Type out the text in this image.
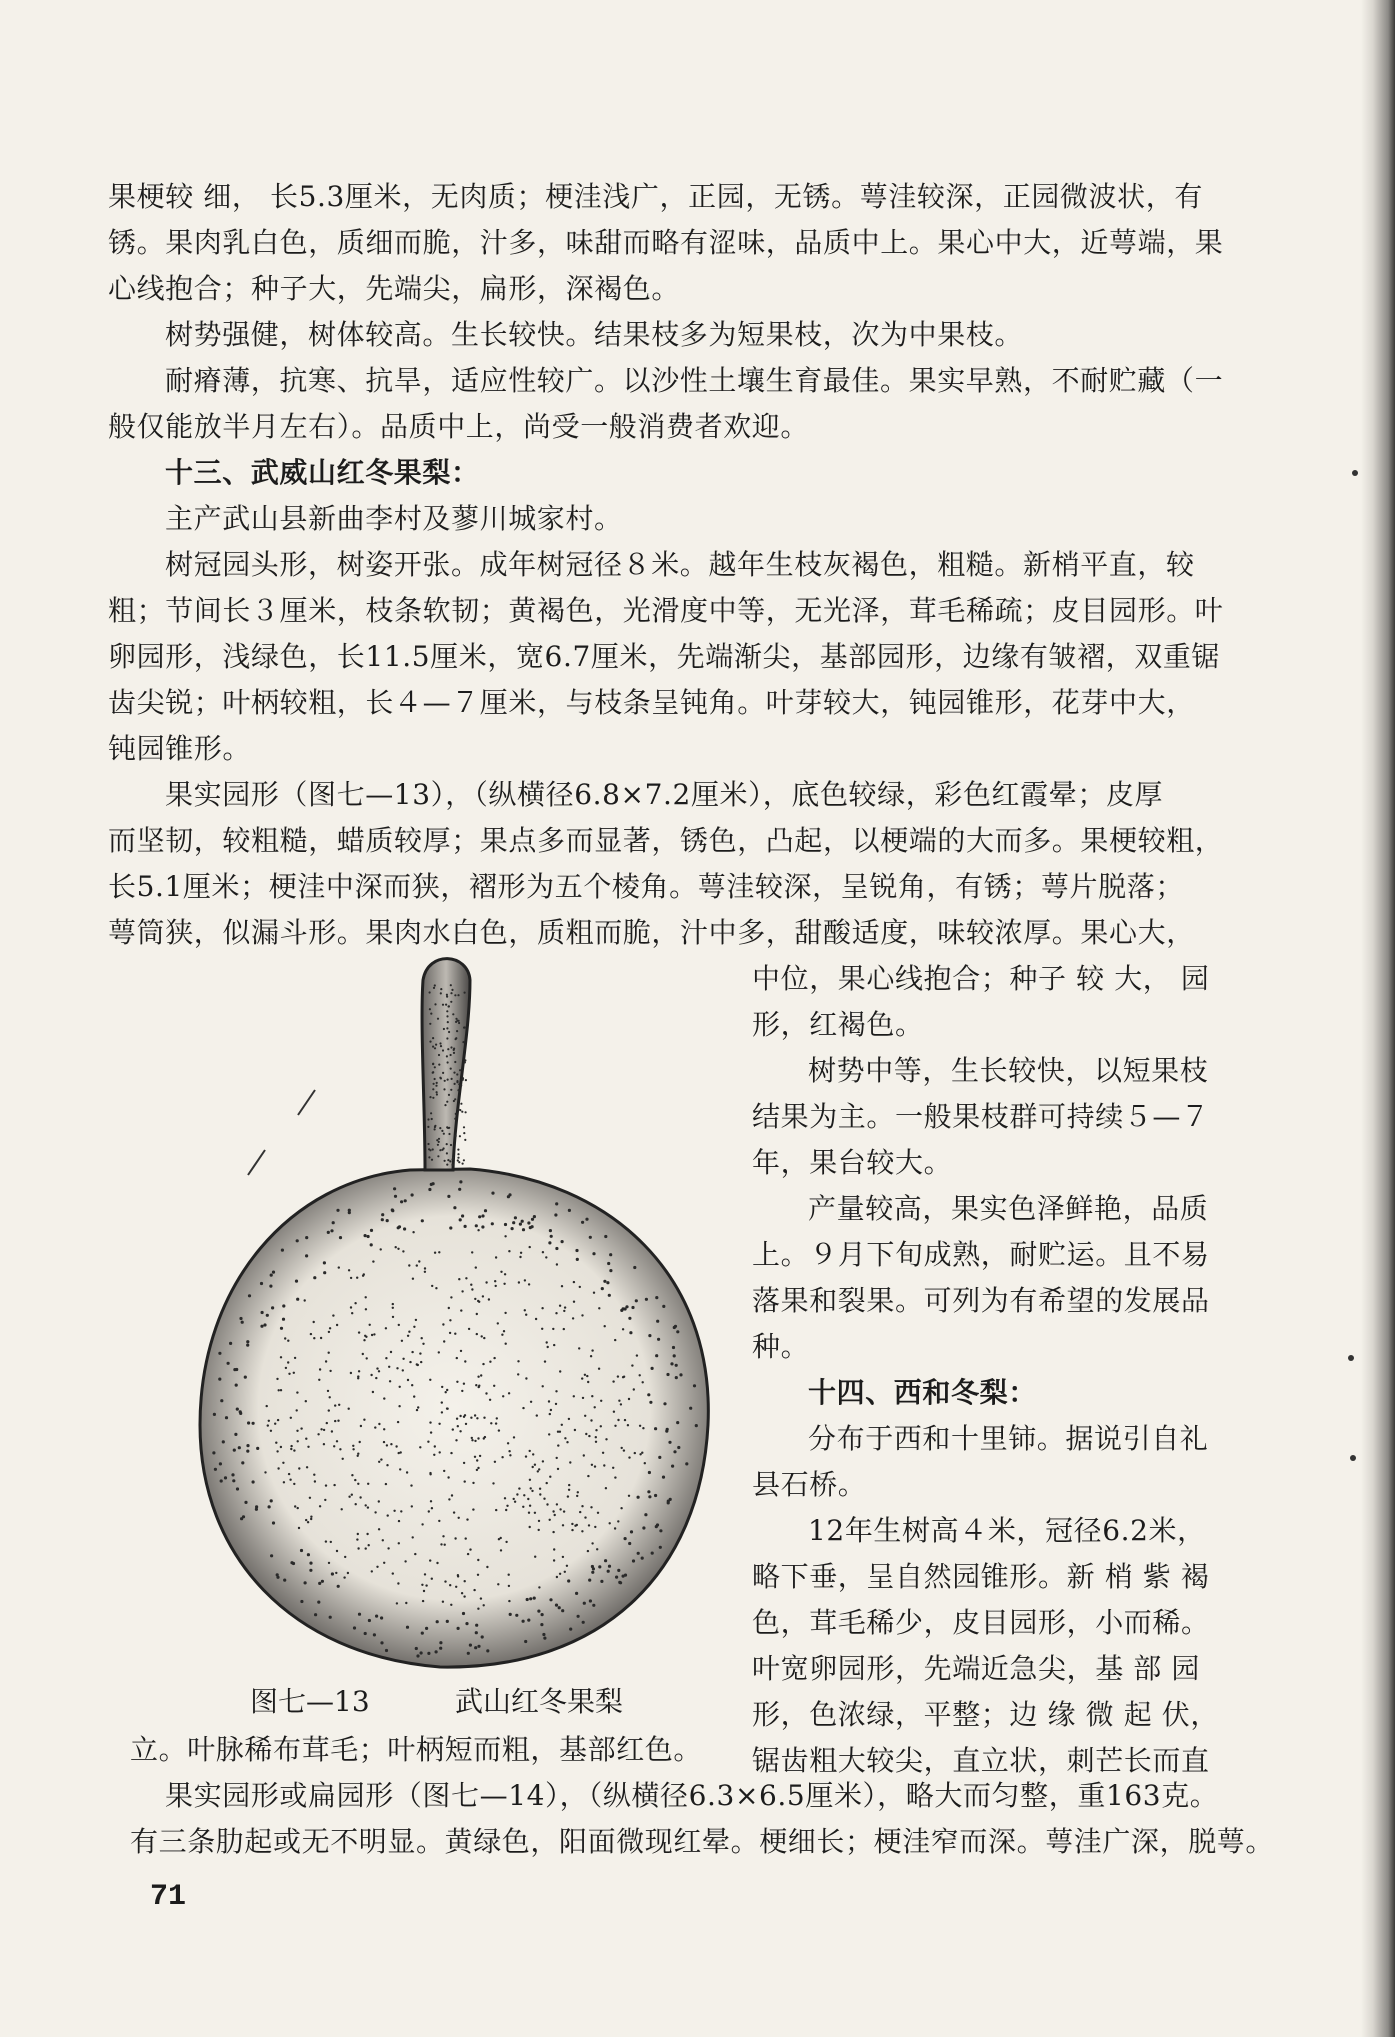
果梗较 细， 长5.3厘米，无肉质；梗洼浅广，正园，无锈。萼洼较深，正园微波状，有
锈。果肉乳白色，质细而脆，汁多，味甜而略有涩味，品质中上。果心中大，近萼端，果
心线抱合；种子大，先端尖，扁形，深褐色。
树势强健，树体较高。生长较快。结果枝多为短果枝，次为中果枝。
耐瘠薄，抗寒、抗旱，适应性较广。以沙性土壤生育最佳。果实早熟，不耐贮藏（一
般仅能放半月左右）。品质中上，尚受一般消费者欢迎。
十三、武威山红冬果梨：
主产武山县新曲李村及蓼川城家村。
树冠园头形，树姿开张。成年树冠径８米。越年生枝灰褐色，粗糙。新梢平直，较
粗；节间长３厘米，枝条软韧；黄褐色，光滑度中等，无光泽，茸毛稀疏；皮目园形。叶
卵园形，浅绿色，长11.5厘米，宽6.7厘米，先端渐尖，基部园形，边缘有皱褶，双重锯
齿尖锐；叶柄较粗，长４—７厘米，与枝条呈钝角。叶芽较大，钝园锥形，花芽中大，
钝园锥形。
果实园形（图七—13），（纵横径6.8×7.2厘米），底色较绿，彩色红霞晕；皮厚
而坚韧，较粗糙，蜡质较厚；果点多而显著，锈色，凸起，以梗端的大而多。果梗较粗，
长5.1厘米；梗洼中深而狭，褶形为五个棱角。萼洼较深，呈锐角，有锈；萼片脱落；
萼筒狭，似漏斗形。果肉水白色，质粗而脆，汁中多，甜酸适度，味较浓厚。果心大，
中位，果心线抱合；种子 较 大， 园
形，红褐色。
树势中等，生长较快，以短果枝
结果为主。一般果枝群可持续５—７
年，果台较大。
产量较高，果实色泽鲜艳，品质
上。９月下旬成熟，耐贮运。且不易
落果和裂果。可列为有希望的发展品
种。
十四、西和冬梨：
分布于西和十里铈。据说引自礼
县石桥。
12年生树高４米，冠径6.2米，
略下垂，呈自然园锥形。新 梢 紫 褐
色，茸毛稀少，皮目园形，小而稀。
叶宽卵园形，先端近急尖，基 部 园
形，色浓绿，平整；边 缘 微 起 伏，
锯齿粗大较尖，直立状，刺芒长而直
图七—13	武山红冬果梨
立。叶脉稀布茸毛；叶柄短而粗，基部红色。
果实园形或扁园形（图七—14），（纵横径6.3×6.5厘米），略大而匀整，重163克。
有三条肋起或无不明显。黄绿色，阳面微现红晕。梗细长；梗洼窄而深。萼洼广深，脱萼。
71
